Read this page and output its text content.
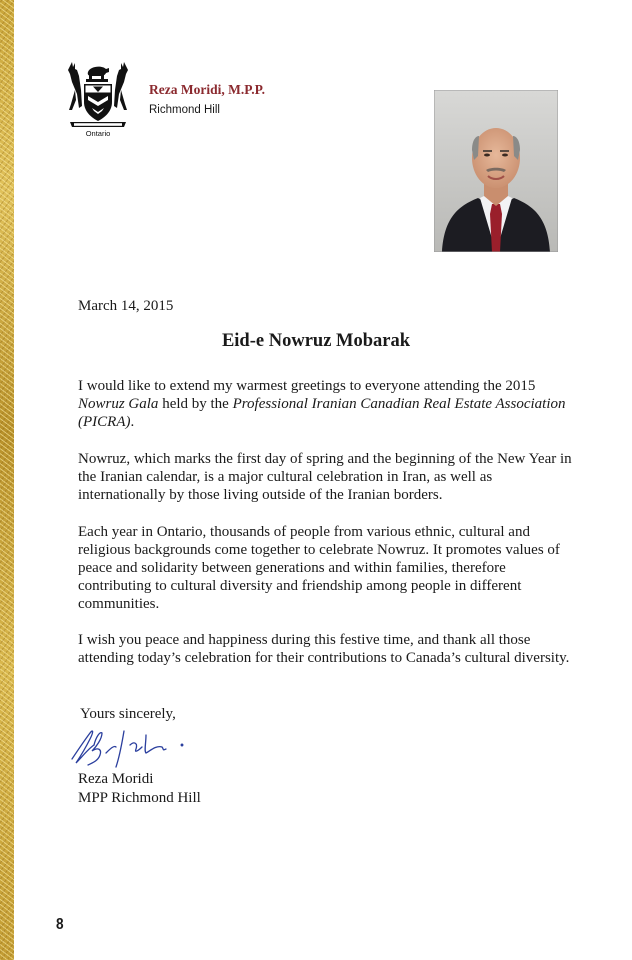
Ontario
Reza Moridi, M.P.P.
Richmond Hill
March 14, 2015
Eid-e Nowruz Mobarak

I would like to extend my warmest greetings to everyone attending the 2015 Nowruz Gala held by the Professional Iranian Canadian Real Estate Association (PICRA).

Nowruz, which marks the first day of spring and the beginning of the New Year in the Iranian calendar, is a major cultural celebration in Iran, as well as internationally by those living outside of the Iranian borders.

Each year in Ontario, thousands of people from various ethnic, cultural and religious backgrounds come together to celebrate Nowruz. It promotes values of peace and solidarity between generations and within families, therefore contributing to cultural diversity and friendship among people in different communities.

I wish you peace and happiness during this festive time, and thank all those attending today’s celebration for their contributions to Canada’s cultural diversity.

Yours sincerely,
Reza Moridi
MPP Richmond Hill
8
